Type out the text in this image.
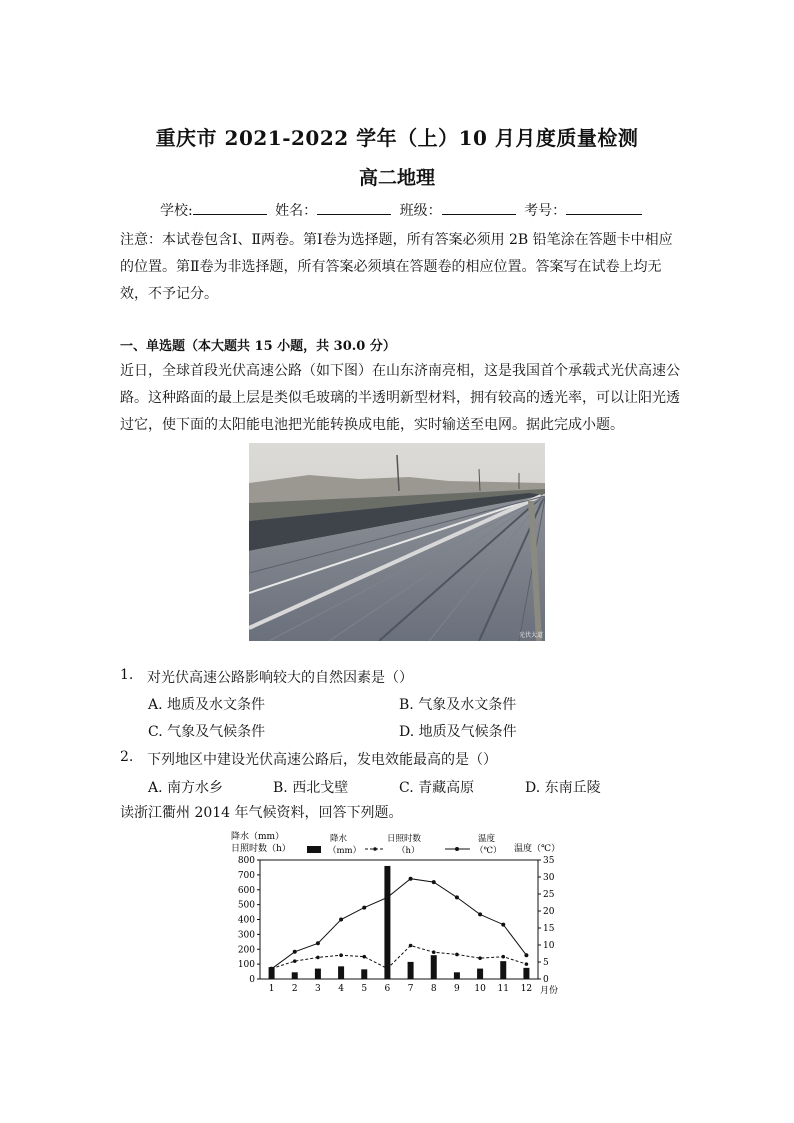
重庆市 2021-2022 学年（上）10 月月度质量检测
高二地理
学校:	姓名：	班级：	考号：
注意：本试卷包含Ⅰ、Ⅱ两卷。第Ⅰ卷为选择题，所有答案必须用 2B 铅笔涂在答题卡中相应的位置。第Ⅱ卷为非选择题，所有答案必须填在答题卷的相应位置。答案写在试卷上均无效，不予记分。
一、单选题（本大题共 15 小题，共 30.0 分）
近日，全球首段光伏高速公路（如下图）在山东济南亮相，这是我国首个承载式光伏高速公路。这种路面的最上层是类似毛玻璃的半透明新型材料，拥有较高的透光率，可以让阳光透过它，使下面的太阳能电池把光能转换成电能，实时输送至电网。据此完成小题。
光伏大道
1. 对光伏高速公路影响较大的自然因素是（）
A. 地质及水文条件	B. 气象及水文条件
C. 气象及气候条件	D. 地质及气候条件
2. 下列地区中建设光伏高速公路后，发电效能最高的是（）
A. 南方水乡	B. 西北戈壁	C. 青藏高原	D. 东南丘陵
读浙江衢州 2014 年气候资料，回答下列题。
降水（mm）
日照时数（h）	温度（℃）
降水
（mm）
日照时数
（h）
温度
（℃）
0
100
200
300
400
500
600
700
800
0
5
10
15
20
25
30
35
1 2 3 4 5 6 7 8 9 10 11 12 月份
